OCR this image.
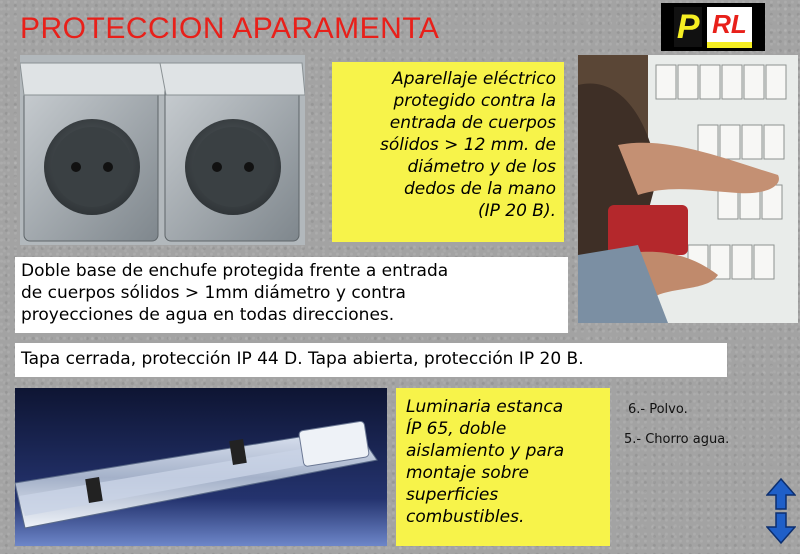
PROTECCION APARAMENTA	P RL
Aparellaje eléctrico
protegido contra la
entrada de cuerpos
sólidos > 12 mm. de
diámetro y de los
dedos de la mano
(IP 20 B).
Doble base de enchufe protegida frente a entrada
de cuerpos sólidos > 1mm diámetro y contra
proyecciones de agua en todas direcciones.
Tapa cerrada, protección IP 44 D. Tapa abierta, protección IP 20 B.
Luminaria estanca
ÍP 65, doble
aislamiento y para
montaje sobre
superficies
combustibles.
6.- Polvo.
5.- Chorro agua.
